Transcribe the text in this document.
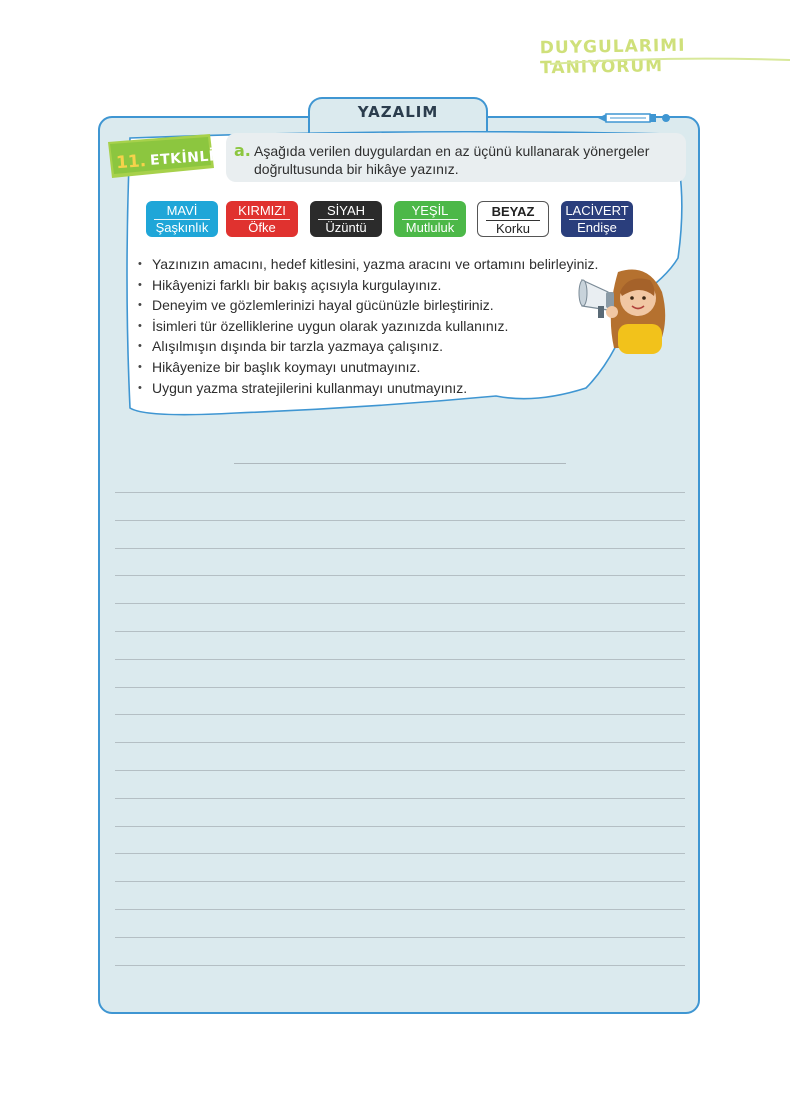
DUYGULARIMI TANIYORUM
YAZALIM
11. ETKİNLİK a. Aşağıda verilen duygulardan en az üçünü kullanarak yönergeler doğrultusunda bir hikâye yazınız.
MAVİ
Şaşkınlık
KIRMIZI
Öfke
SİYAH
Üzüntü
YEŞİL
Mutluluk
BEYAZ
Korku
LACİVERT
Endişe
• Yazınızın amacını, hedef kitlesini, yazma aracını ve ortamını belirleyiniz.
• Hikâyenizi farklı bir bakış açısıyla kurgulayınız.
• Deneyim ve gözlemlerinizi hayal gücünüzle birleştiriniz.
• İsimleri tür özelliklerine uygun olarak yazınızda kullanınız.
• Alışılmışın dışında bir tarzla yazmaya çalışınız.
• Hikâyenize bir başlık koymayı unutmayınız.
• Uygun yazma stratejilerini kullanmayı unutmayınız.
